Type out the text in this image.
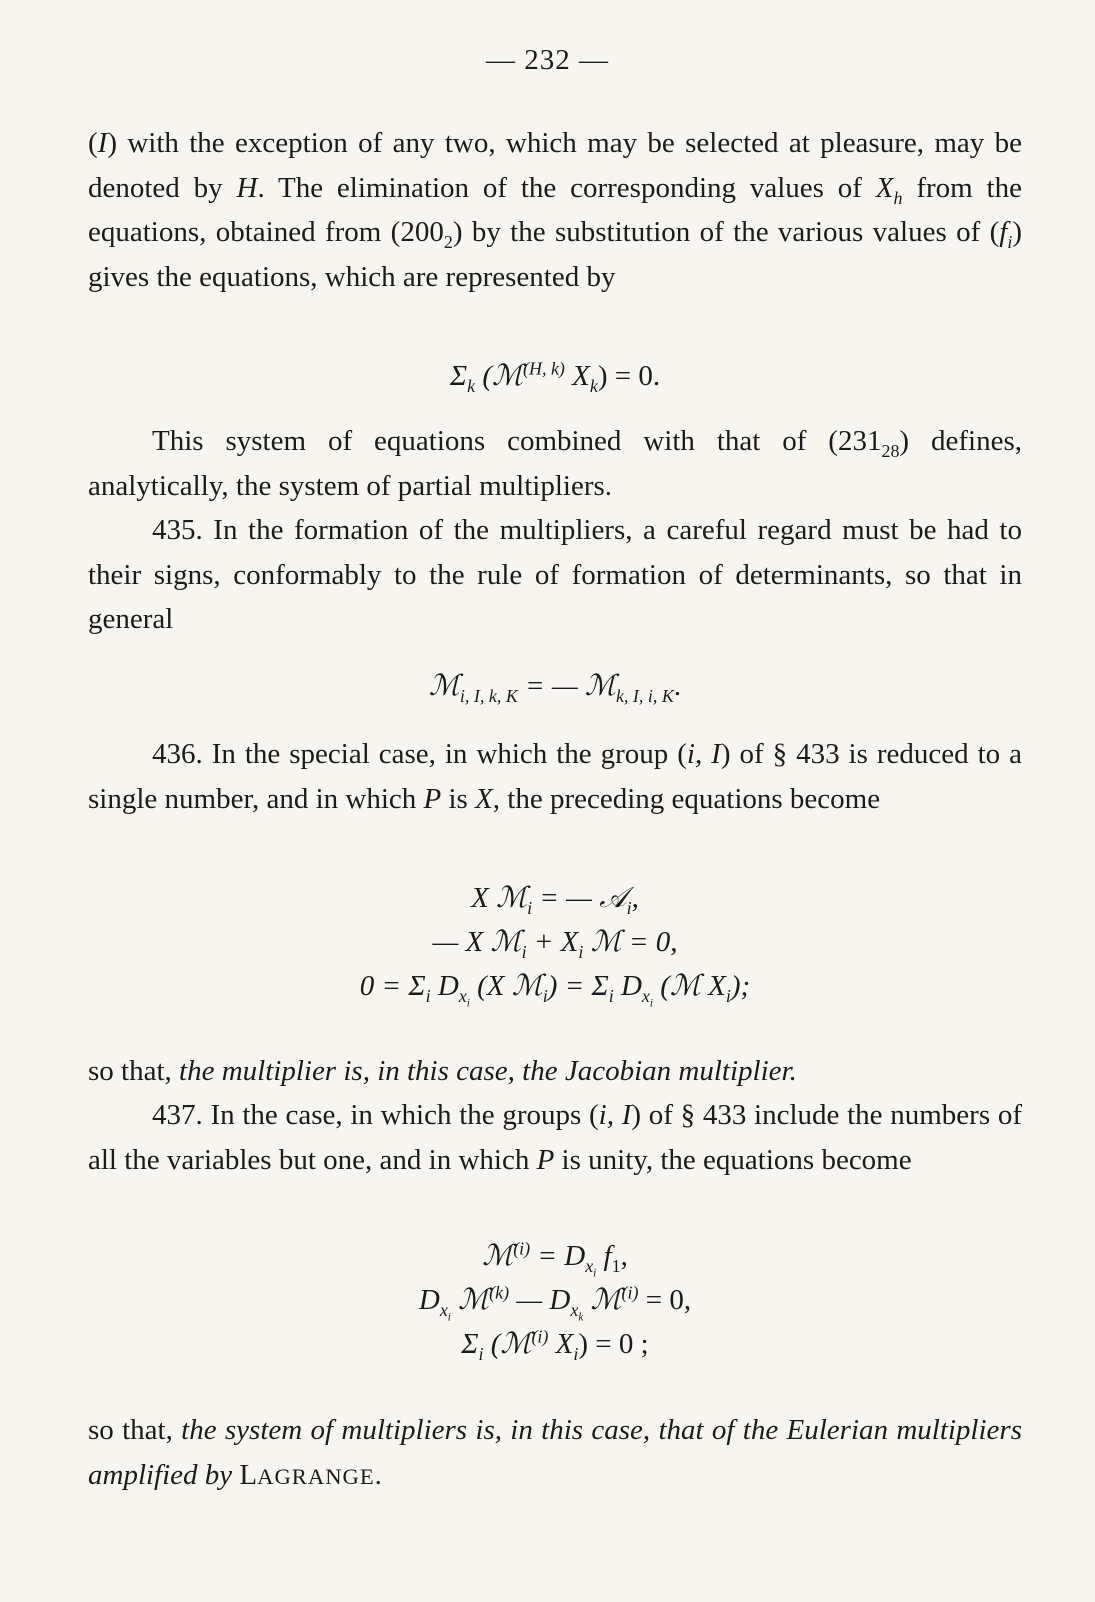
— 232 —

(I) with the exception of any two, which may be selected at pleasure, may be denoted by H. The elimination of the corresponding values of $X_h$ from the equations, obtained from $(200_2)$ by the substitution of the various values of $(f_i)$ gives the equations, which are represented by

$\Sigma_k$ (ℳ$^{(H, k)}$ $X_k) = 0$.

This system of equations combined with that of $(231_{28})$ defines, analytically, the system of partial multipliers.

435. In the formation of the multipliers, a careful regard must be had to their signs, conformably to the rule of formation of determinants, so that in general

ℳ$_{i, I, k, K}$ = — ℳ$_{k, I, i, K}$.

436. In the special case, in which the group (i, I) of § 433 is reduced to a single number, and in which P is X, the preceding equations become

X ℳ$_i$ = — 𝒜$_i$,
— X ℳ$_i$ + $X_i$ ℳ = 0,
$0 = \Sigma_i$ $D_{x_i}$ (X ℳ$_i$) = $\Sigma_i$ $D_{x_i}$ (ℳ $X_i$);

so that, the multiplier is, in this case, the Jacobian multiplier.

437. In the case, in which the groups (i, I) of § 433 include the numbers of all the variables but one, and in which P is unity, the equations become

ℳ$^{(i)}$ = $D_{x_i}$ $f_1$,
$D_{x_i}$ ℳ$^{(k)}$ — $D_{x_k}$ ℳ$^{(i)}$ = 0,
$\Sigma_i$ (ℳ$^{(i)}$ $X_i) = 0$ ;

so that, the system of multipliers is, in this case, that of the Eulerian multipliers amplified by LAGRANGE.
